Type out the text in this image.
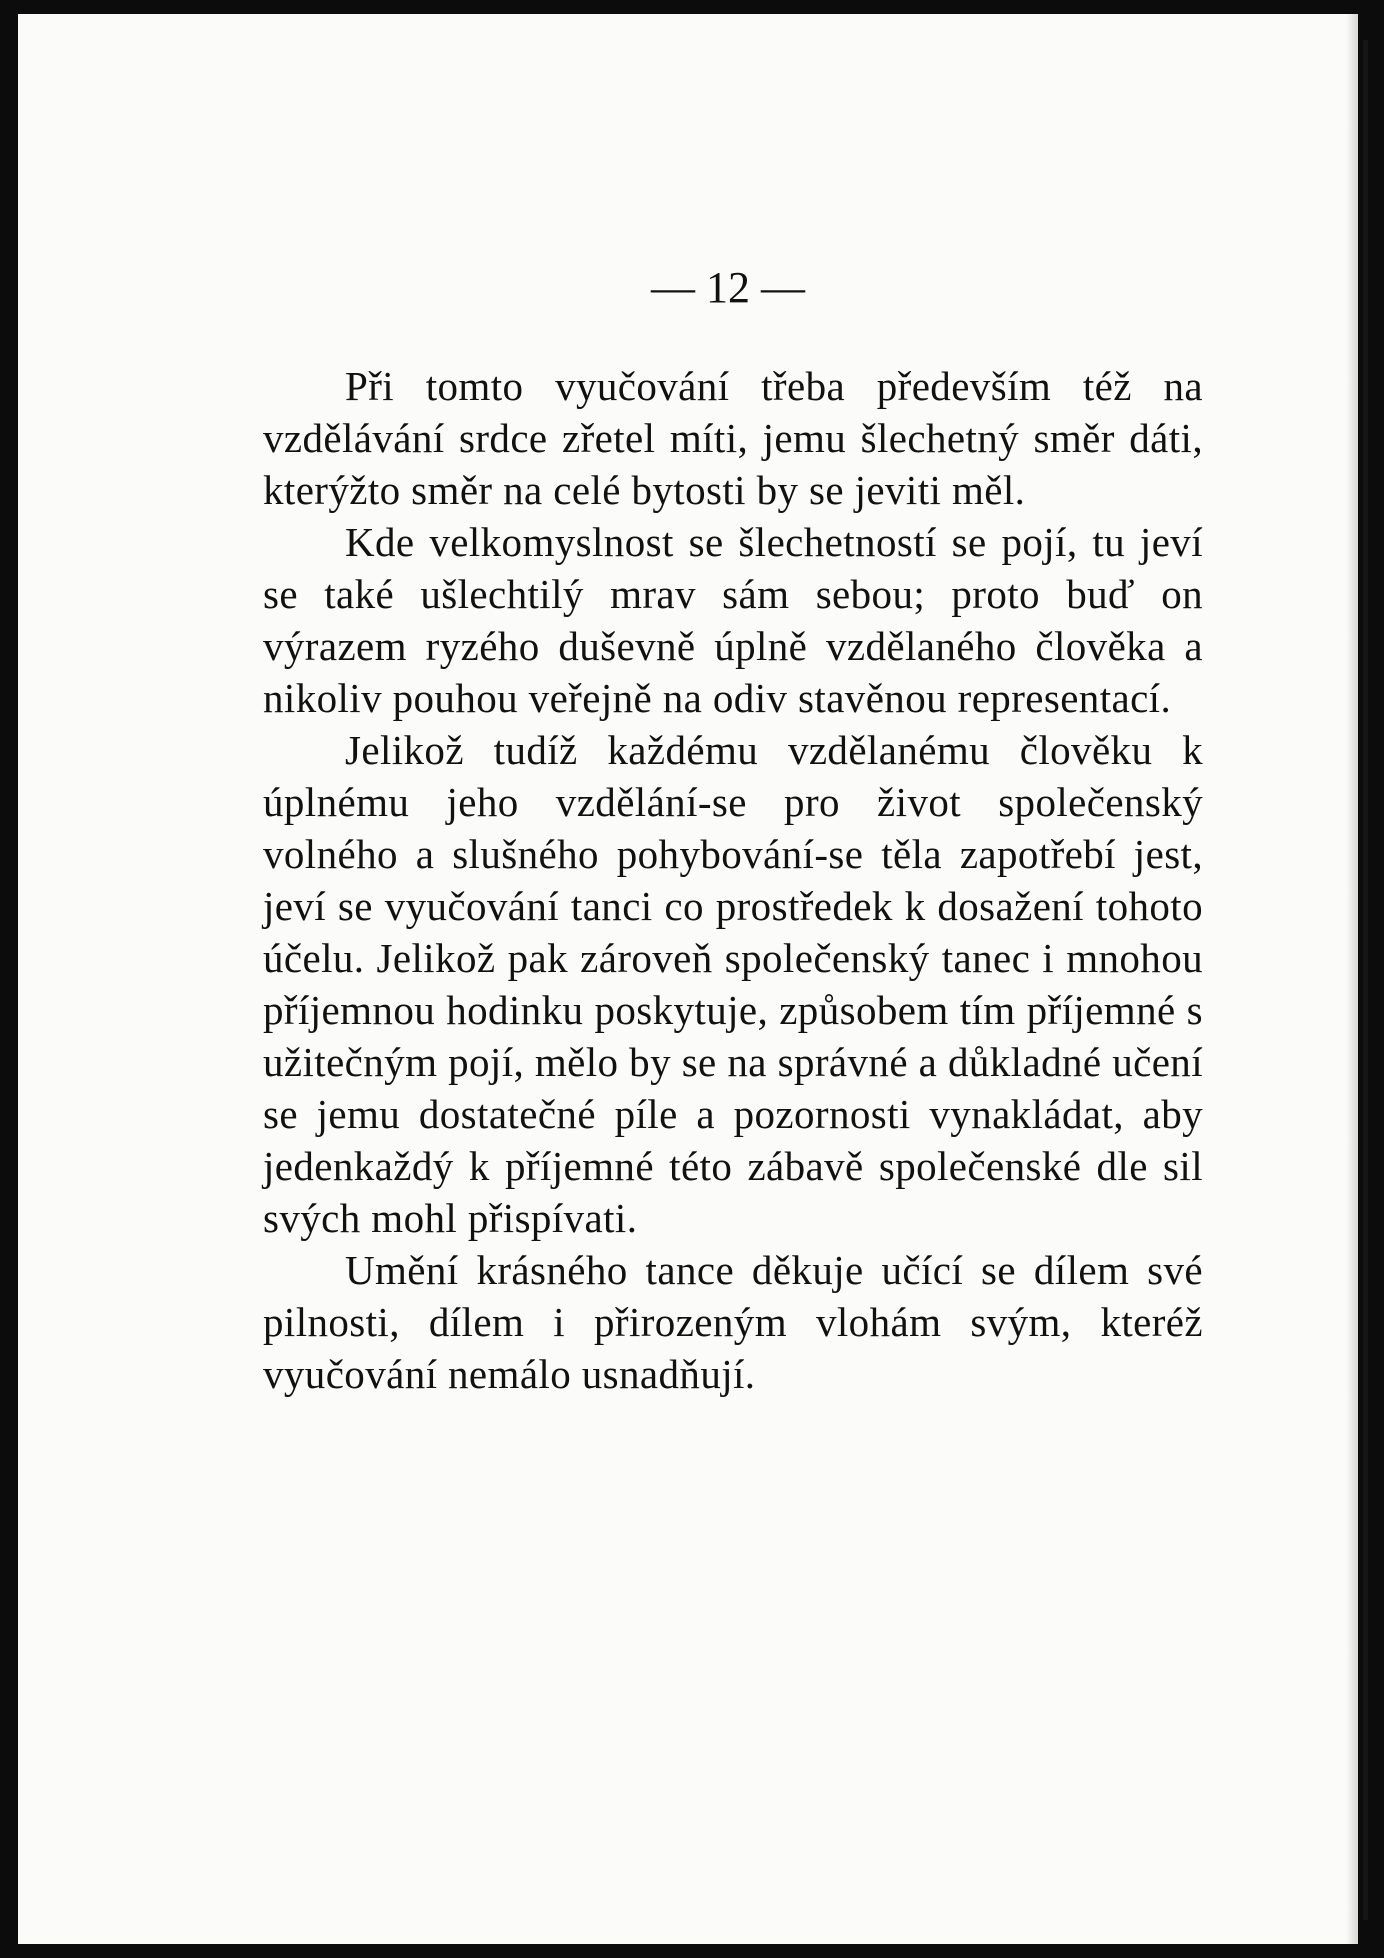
— 12 —

Při tomto vyučování třeba především též na vzdělávání srdce zřetel míti, jemu šlechetný směr dáti, kterýžto směr na celé bytosti by se jeviti měl.

Kde velkomyslnost se šlechetností se pojí, tu jeví se také ušlechtilý mrav sám sebou; proto buď on výrazem ryzého duševně úplně vzdělaného člověka a nikoliv pouhou veřejně na odiv stavěnou representací.

Jelikož tudíž každému vzdělanému člověku k úplnému jeho vzdělání-se pro život společenský volného a slušného pohybování-se těla zapotřebí jest, jeví se vyučování tanci co prostředek k dosažení tohoto účelu. Jelikož pak zároveň společenský tanec i mnohou příjemnou hodinku poskytuje, způsobem tím příjemné s užitečným pojí, mělo by se na správné a důkladné učení se jemu dostatečné píle a pozornosti vynakládat, aby jedenkaždý k příjemné této zábavě společenské dle sil svých mohl přispívati.

Umění krásného tance děkuje učící se dílem své pilnosti, dílem i přirozeným vlohám svým, kteréž vyučování nemálo usnadňují.
